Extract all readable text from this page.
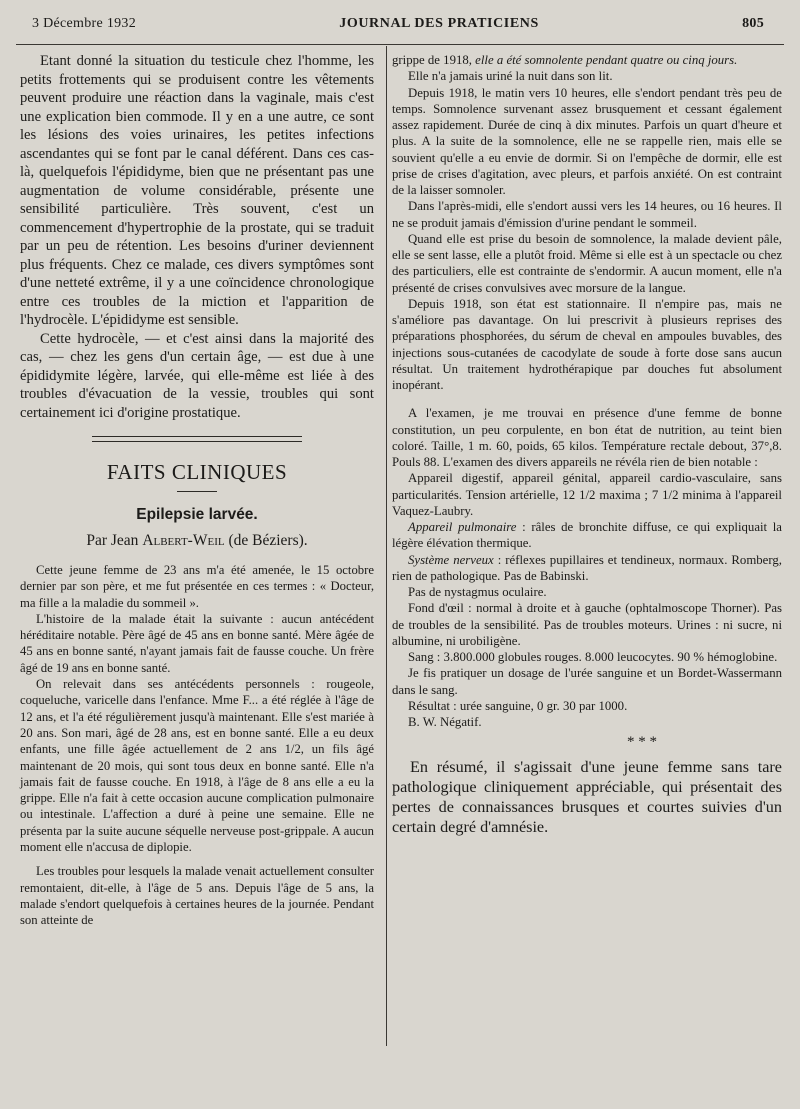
3 Décembre 1932	JOURNAL DES PRATICIENS	805

Etant donné la situation du testicule chez l'homme, les petits frottements qui se produisent contre les vêtements peuvent produire une réaction dans la vaginale, mais c'est une explication bien commode. Il y en a une autre, ce sont les lésions des voies urinaires, les petites infections ascendantes qui se font par le canal déférent. Dans ces cas-là, quelquefois l'épididyme, bien que ne présentant pas une augmentation de volume considérable, présente une sensibilité particulière. Très souvent, c'est un commencement d'hypertrophie de la prostate, qui se traduit par un peu de rétention. Les besoins d'uriner deviennent plus fréquents. Chez ce malade, ces divers symptômes sont d'une netteté extrême, il y a une coïncidence chronologique entre ces troubles de la miction et l'apparition de l'hydrocèle. L'épididyme est sensible.

Cette hydrocèle, — et c'est ainsi dans la majorité des cas, — chez les gens d'un certain âge, — est due à une épididymite légère, larvée, qui elle-même est liée à des troubles d'évacuation de la vessie, troubles qui sont certainement ici d'origine prostatique.

FAITS CLINIQUES
Epilepsie larvée.
Par Jean Albert-Weil (de Béziers).

Cette jeune femme de 23 ans m'a été amenée, le 15 octobre dernier par son père, et me fut présentée en ces termes : « Docteur, ma fille a la maladie du sommeil ».

L'histoire de la malade était la suivante : aucun antécédent héréditaire notable. Père âgé de 45 ans en bonne santé. Mère âgée de 45 ans en bonne santé, n'ayant jamais fait de fausse couche. Un frère âgé de 19 ans en bonne santé.

On relevait dans ses antécédents personnels : rougeole, coqueluche, varicelle dans l'enfance. Mme F... a été réglée à l'âge de 12 ans, et l'a été régulièrement jusqu'à maintenant. Elle s'est mariée à 20 ans. Son mari, âgé de 28 ans, est en bonne santé. Elle a eu deux enfants, une fille âgée actuellement de 2 ans 1/2, un fils âgé maintenant de 20 mois, qui sont tous deux en bonne santé. Elle n'a jamais fait de fausse couche. En 1918, à l'âge de 8 ans elle a eu la grippe. Elle n'a fait à cette occasion aucune complication pulmonaire ou intestinale. L'affection a duré à peine une semaine. Elle ne présenta par la suite aucune séquelle nerveuse post-grippale. A aucun moment elle n'accusa de diplopie.

Les troubles pour lesquels la malade venait actuellement consulter remontaient, dit-elle, à l'âge de 5 ans. Depuis l'âge de 5 ans, la malade s'endort quelquefois à certaines heures de la journée. Pendant son atteinte de

grippe de 1918, elle a été somnolente pendant quatre ou cinq jours.

Elle n'a jamais uriné la nuit dans son lit.

Depuis 1918, le matin vers 10 heures, elle s'endort pendant très peu de temps. Somnolence survenant assez brusquement et cessant également assez rapidement. Durée de cinq à dix minutes. Parfois un quart d'heure et plus. A la suite de la somnolence, elle ne se rappelle rien, mais elle se souvient qu'elle a eu envie de dormir. Si on l'empêche de dormir, elle est prise de crises d'agitation, avec pleurs, et parfois anxiété. On est contraint de la laisser somnoler.

Dans l'après-midi, elle s'endort aussi vers les 14 heures, ou 16 heures. Il ne se produit jamais d'émission d'urine pendant le sommeil.

Quand elle est prise du besoin de somnolence, la malade devient pâle, elle se sent lasse, elle a plutôt froid. Même si elle est à un spectacle ou chez des particuliers, elle est contrainte de s'endormir. A aucun moment, elle n'a présenté de crises convulsives avec morsure de la langue.

Depuis 1918, son état est stationnaire. Il n'empire pas, mais ne s'améliore pas davantage. On lui prescrivit à plusieurs reprises des préparations phosphorées, du sérum de cheval en ampoules buvables, des injections sous-cutanées de cacodylate de soude à forte dose sans aucun résultat. Un traitement hydrothérapique par douches fut absolument inopérant.

A l'examen, je me trouvai en présence d'une femme de bonne constitution, un peu corpulente, en bon état de nutrition, au teint bien coloré. Taille, 1 m. 60, poids, 65 kilos. Température rectale debout, 37°,8. Pouls 88. L'examen des divers appareils ne révéla rien de bien notable :

Appareil digestif, appareil génital, appareil cardio-vasculaire, sans particularités. Tension artérielle, 12 1/2 maxima ; 7 1/2 minima à l'appareil Vaquez-Laubry.

Appareil pulmonaire : râles de bronchite diffuse, ce qui expliquait la légère élévation thermique.

Système nerveux : réflexes pupillaires et tendineux, normaux. Romberg, rien de pathologique. Pas de Babinski.

Pas de nystagmus oculaire.

Fond d'œil : normal à droite et à gauche (ophtalmoscope Thorner). Pas de troubles de la sensibilité. Pas de troubles moteurs. Urines : ni sucre, ni albumine, ni urobiligène.

Sang : 3.800.000 globules rouges. 8.000 leucocytes. 90 % hémoglobine.

Je fis pratiquer un dosage de l'urée sanguine et un Bordet-Wassermann dans le sang.

Résultat : urée sanguine, 0 gr. 30 par 1000.

B. W. Négatif.

* * *

En résumé, il s'agissait d'une jeune femme sans tare pathologique cliniquement appréciable, qui présentait des pertes de connaissances brusques et courtes suivies d'un certain degré d'amnésie.
